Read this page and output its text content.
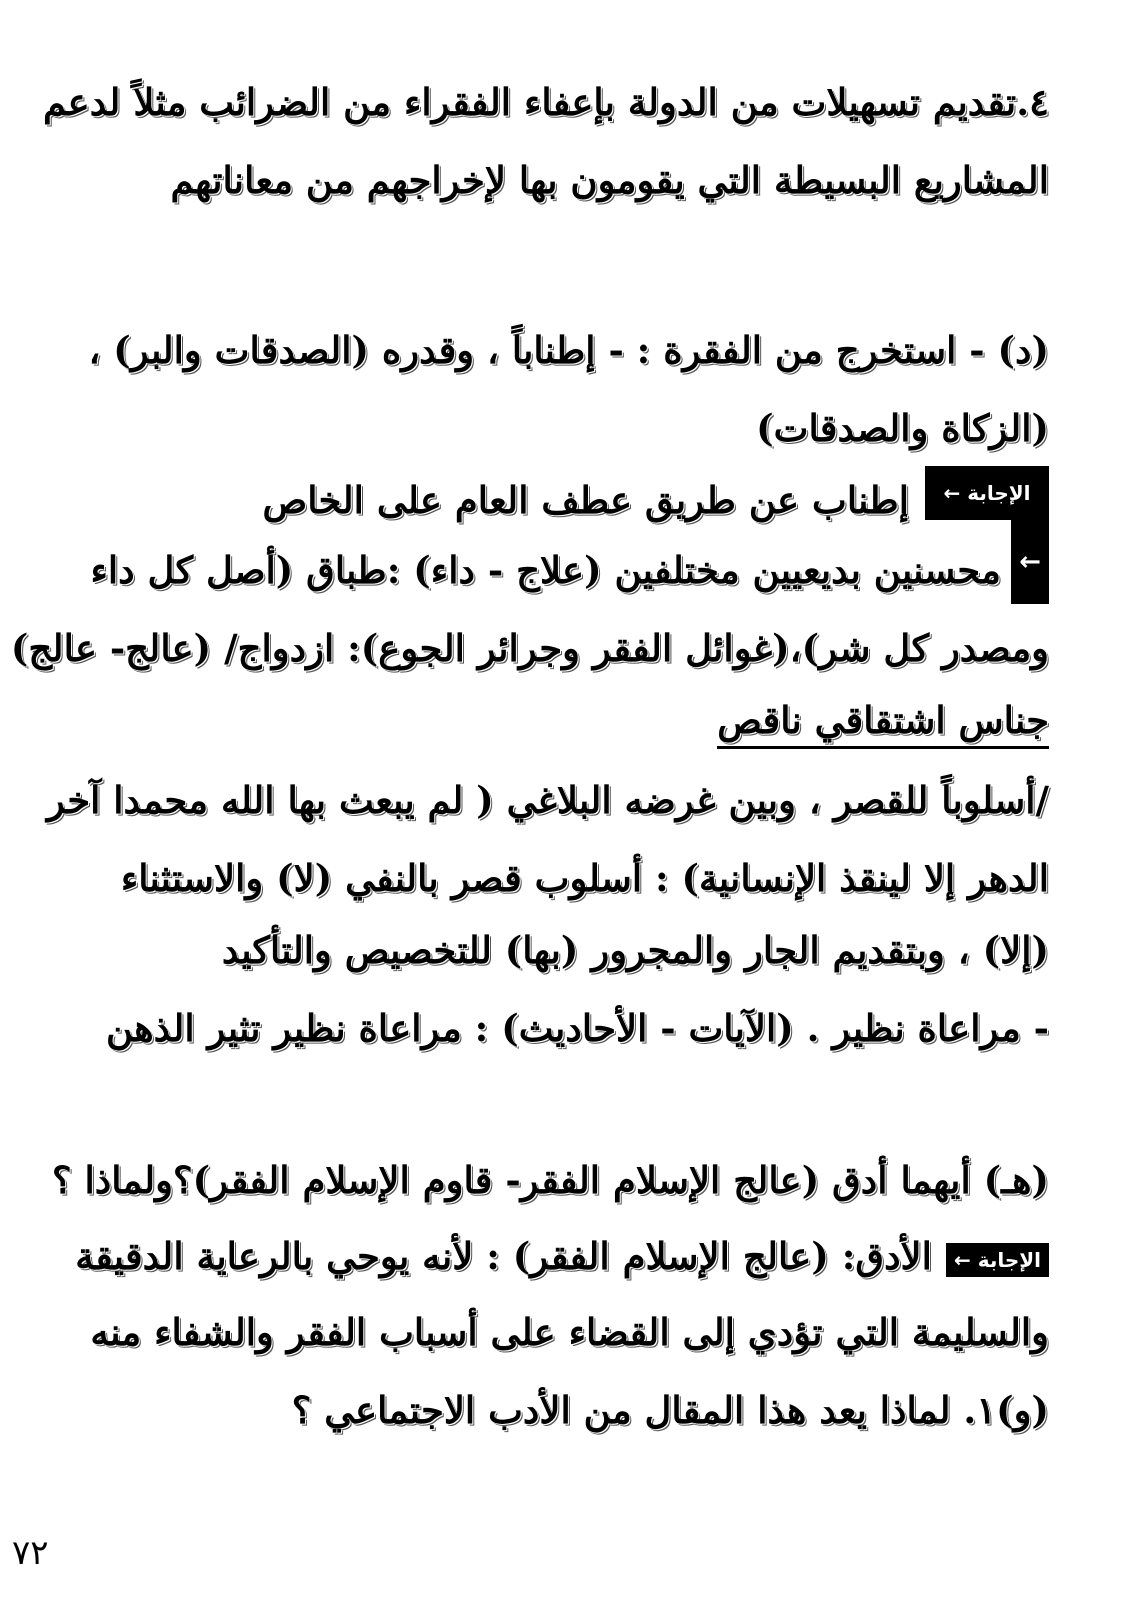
٤.تقديم تسهيلات من الدولة بإعفاء الفقراء من الضرائب مثلاً لدعم
المشاريع البسيطة التي يقومون بها لإخراجهم من معاناتهم
(د) - استخرج من الفقرة : - إطناباً ، وقدره (الصدقات والبر) ،
(الزكاة والصدقات)
الإجابة ←
←
إطناب عن طريق عطف العام على الخاص
محسنين بديعيين مختلفين (علاج - داء) :طباق (أصل كل داء
ومصدر كل شر)،(غوائل الفقر وجرائر الجوع): ازدواج/ (عالج- عالج)
جناس اشتقاقي ناقص
/أسلوباً للقصر ، وبين غرضه البلاغي ( لم يبعث بها الله محمدا آخر
الدهر إلا لينقذ الإنسانية) : أسلوب قصر بالنفي (لا) والاستثناء
(إلا) ، وبتقديم الجار والمجرور (بها) للتخصيص والتأكيد
- مراعاة نظير . (الآيات - الأحاديث) : مراعاة نظير تثير الذهن
(هـ) أيهما أدق (عالج الإسلام الفقر- قاوم الإسلام الفقر)؟ولماذا ؟
الإجابة ←الأدق: (عالج الإسلام الفقر) : لأنه يوحي بالرعاية الدقيقة
والسليمة التي تؤدي إلى القضاء على أسباب الفقر والشفاء منه
(و)١. لماذا يعد هذا المقال من الأدب الاجتماعي ؟
٧٢
